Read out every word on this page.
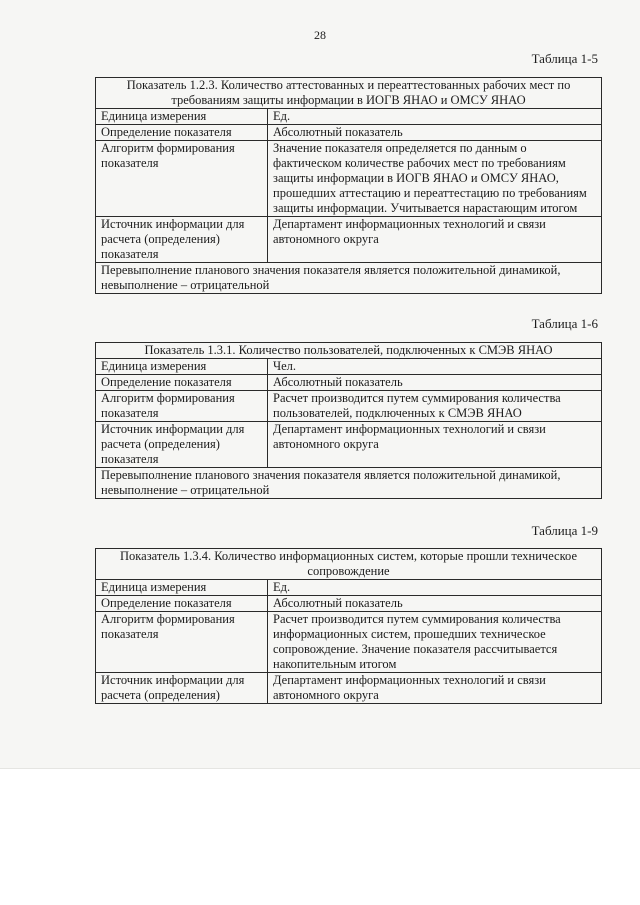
28
Таблица 1-5
Показатель 1.2.3. Количество аттестованных и переаттестованных рабочих мест по требованиям защиты информации в ИОГВ ЯНАО и ОМСУ ЯНАО	
Единица измерения	Ед.
Определение показателя	Абсолютный показатель
Алгоритм формирования показателя	Значение показателя определяется по данным о фактическом количестве рабочих мест по требованиям защиты информации в ИОГВ ЯНАО и ОМСУ ЯНАО, прошедших аттестацию и переаттестацию по требованиям защиты информации. Учитывается нарастающим итогом
Источник информации для расчета (определения) показателя	Департамент информационных технологий и связи автономного округа
Перевыполнение планового значения показателя является положительной динамикой, невыполнение – отрицательной	
Таблица 1-6
Показатель 1.3.1. Количество пользователей, подключенных к СМЭВ ЯНАО	
Единица измерения	Чел.
Определение показателя	Абсолютный показатель
Алгоритм формирования показателя	Расчет производится путем суммирования количества пользователей, подключенных к СМЭВ ЯНАО
Источник информации для расчета (определения) показателя	Департамент информационных технологий и связи автономного округа
Перевыполнение планового значения показателя является положительной динамикой, невыполнение – отрицательной	
Таблица 1-9
Показатель 1.3.4. Количество информационных систем, которые прошли техническое сопровождение	
Единица измерения	Ед.
Определение показателя	Абсолютный показатель
Алгоритм формирования показателя	Расчет производится путем суммирования количества информационных систем, прошедших техническое сопровождение. Значение показателя рассчитывается накопительным итогом
Источник информации для расчета (определения)	Департамент информационных технологий и связи автономного округа
